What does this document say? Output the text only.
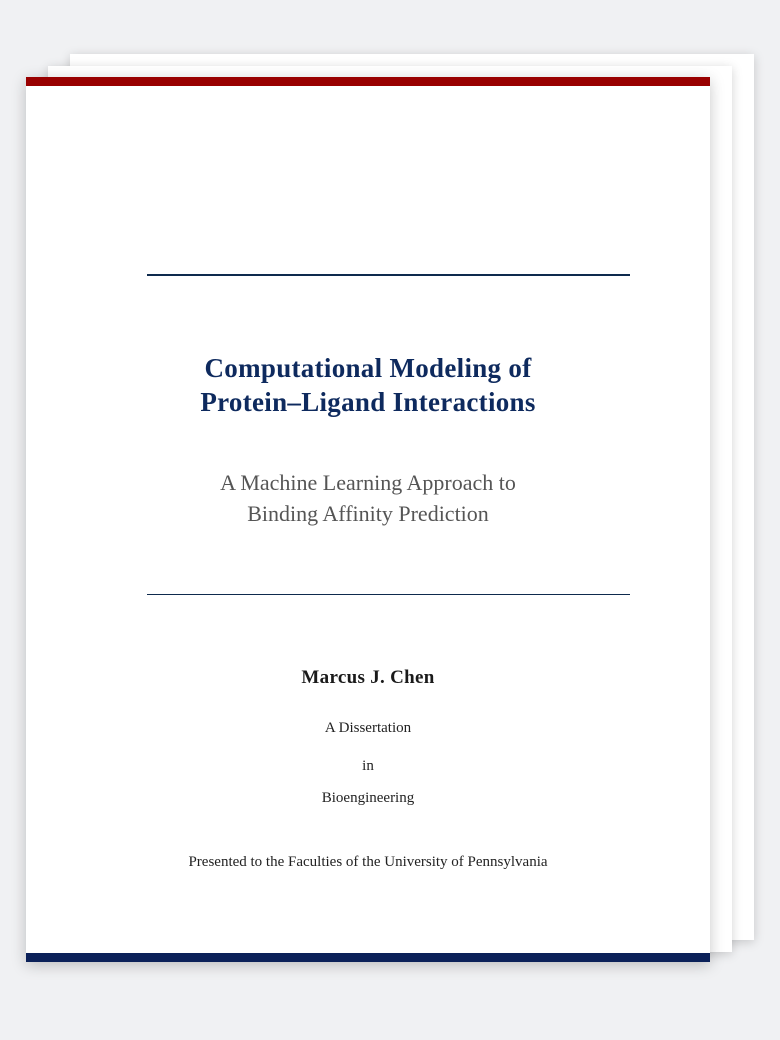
Computational Modeling of
Protein–Ligand Interactions
A Machine Learning Approach to
Binding Affinity Prediction
Marcus J. Chen
A Dissertation
in
Bioengineering
Presented to the Faculties of the University of Pennsylvania
